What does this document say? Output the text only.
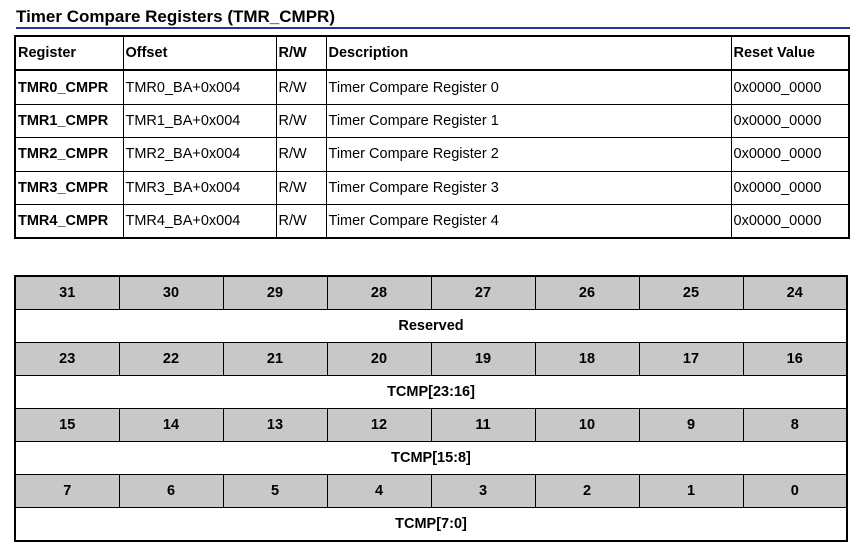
Timer Compare Registers (TMR_CMPR)
Register	Offset	R/W	Description	Reset Value
TMR0_CMPR	TMR0_BA+0x004	R/W	Timer Compare Register 0	0x0000_0000
TMR1_CMPR	TMR1_BA+0x004	R/W	Timer Compare Register 1	0x0000_0000
TMR2_CMPR	TMR2_BA+0x004	R/W	Timer Compare Register 2	0x0000_0000
TMR3_CMPR	TMR3_BA+0x004	R/W	Timer Compare Register 3	0x0000_0000
TMR4_CMPR	TMR4_BA+0x004	R/W	Timer Compare Register 4	0x0000_0000
31	30	29	28	27	26	25	24
Reserved							
23	22	21	20	19	18	17	16
TCMP[23:16]							
15	14	13	12	11	10	9	8
TCMP[15:8]							
7	6	5	4	3	2	1	0
TCMP[7:0]							
